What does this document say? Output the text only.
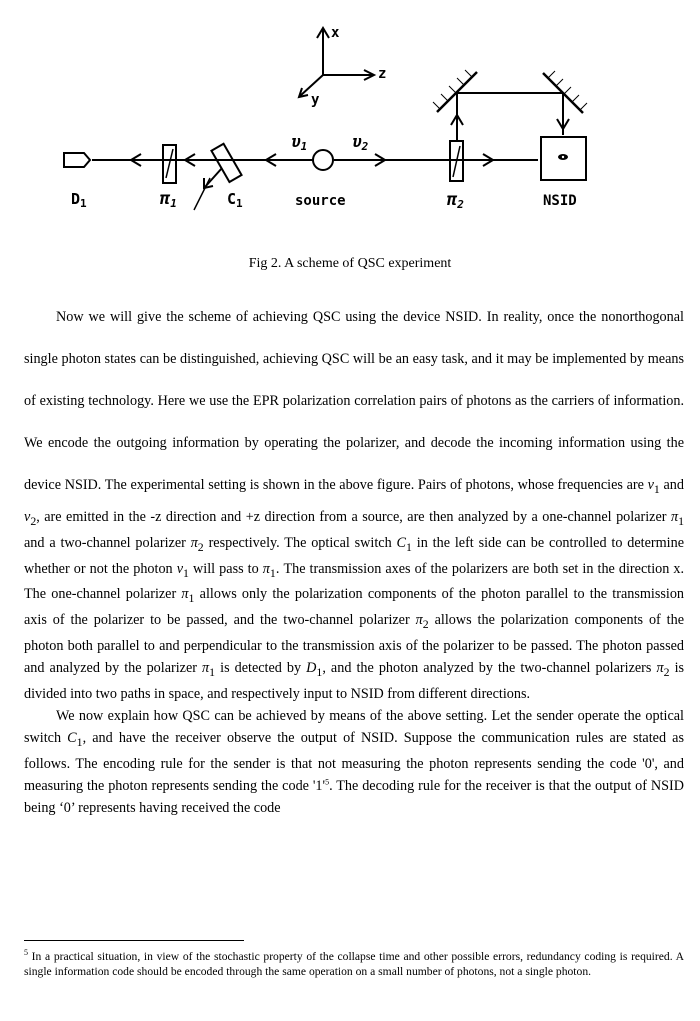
x
z
y
$D_1$	π1	$C_1$
υ1	υ2
source	π2	NSID
Fig 2. A scheme of QSC experiment

Now we will give the scheme of achieving QSC using the device NSID. In reality, once the nonorthogonal single photon states can be distinguished, achieving QSC will be an easy task, and it may be implemented by means of existing technology. Here we use the EPR polarization correlation pairs of photons as the carriers of information. We encode the outgoing information by operating the polarizer, and decode the incoming information using the device NSID. The experimental setting is shown in the above figure. Pairs of photons, whose frequencies are $\nu_1$ and $\nu_2$, are emitted in the -z direction and +z direction from a source, are then analyzed by a one-channel polarizer $\pi_1$ and a two-channel polarizer $\pi_2$ respectively. The optical switch $C_1$ in the left side can be controlled to determine whether or not the photon $\nu_1$ will pass to $\pi_1$. The transmission axes of the polarizers are both set in the direction x. The one-channel polarizer $\pi_1$ allows only the polarization components of the photon parallel to the transmission axis of the polarizer to be passed, and the two-channel polarizer $\pi_2$ allows the polarization components of the photon both parallel to and perpendicular to the transmission axis of the polarizer to be passed. The photon passed and analyzed by the polarizer $\pi_1$ is detected by $D_1$, and the photon analyzed by the two-channel polarizers $\pi_2$ is divided into two paths in space, and respectively input to NSID from different directions.

We now explain how QSC can be achieved by means of the above setting. Let the sender operate the optical switch $C_1$, and have the receiver observe the output of NSID. Suppose the communication rules are stated as follows. The encoding rule for the sender is that not measuring the photon represents sending the code '0', and measuring the photon represents sending the code '$1'^5$. The decoding rule for the receiver is that the output of NSID being ‘0’ represents having received the code

$^5$ In a practical situation, in view of the stochastic property of the collapse time and other possible errors, redundancy coding is required. A single information code should be encoded through the same operation on a small number of photons, not a single photon.
